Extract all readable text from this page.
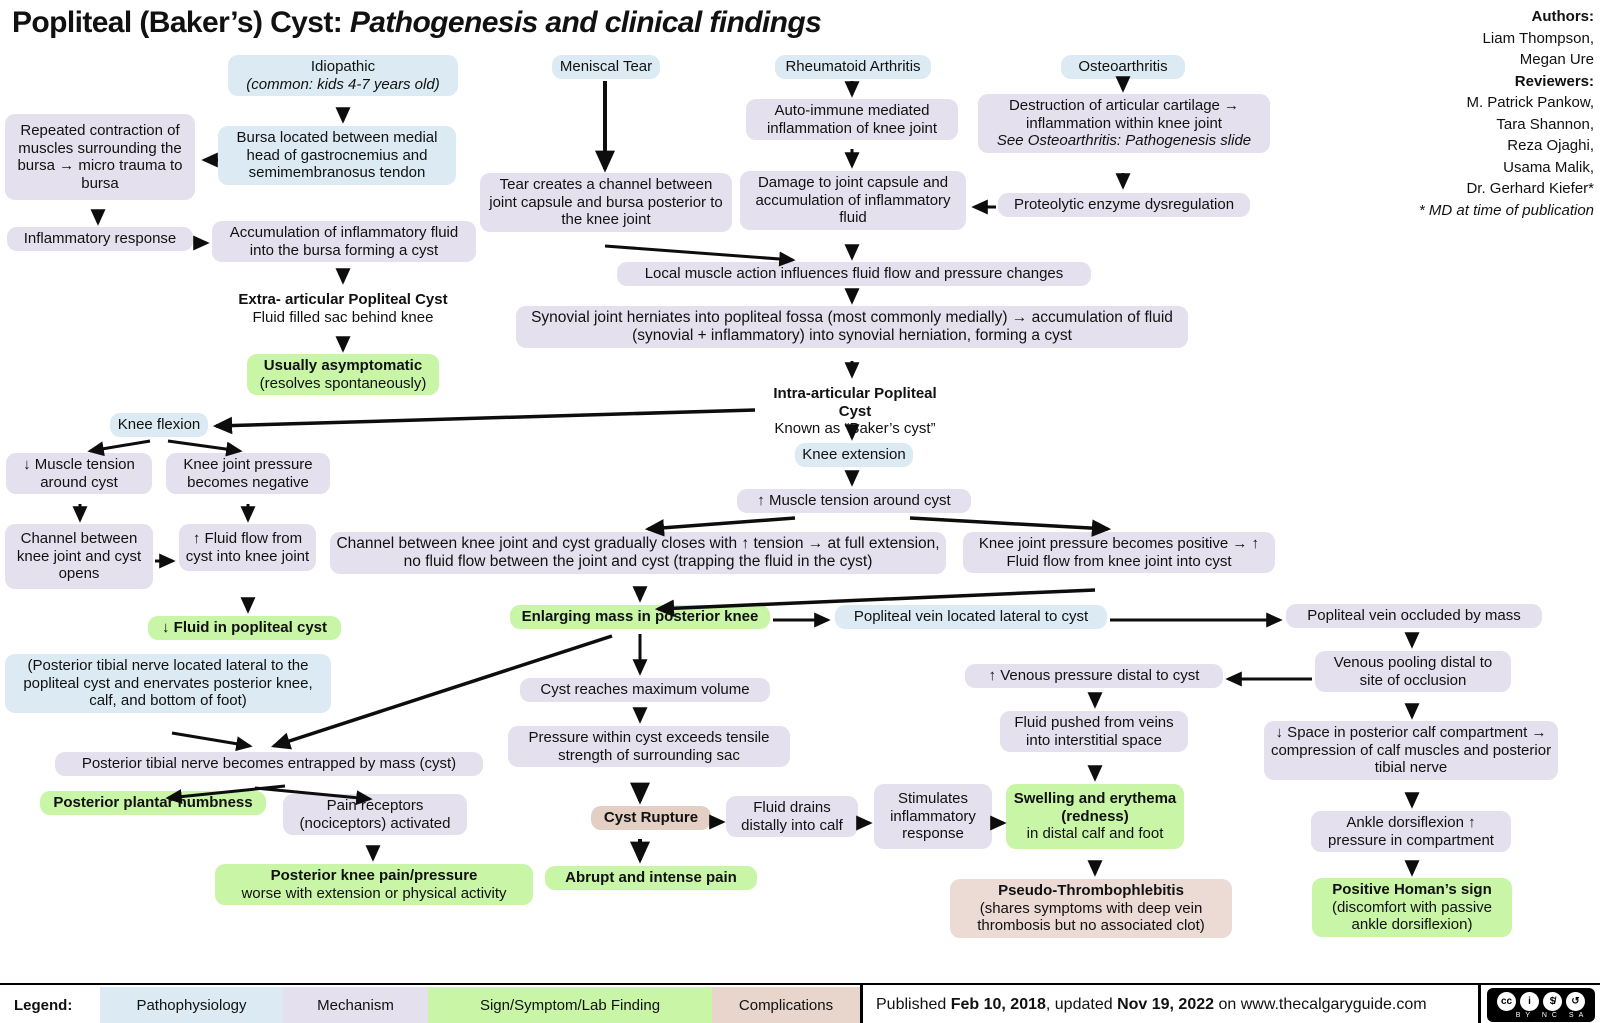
Popliteal (Baker’s) Cyst: Pathogenesis and clinical findings	Authors:
Liam Thompson,
Megan Ure
Reviewers:
M. Patrick Pankow,
Tara Shannon,
Reza Ojaghi,
Usama Malik,
Dr. Gerhard Kiefer*
* MD at time of publication
Idiopathic
(common: kids 4-7 years old)
Bursa located between medial head of gastrocnemius and semimembranosus tendon
Repeated contraction of muscles surrounding the bursa → micro trauma to bursa
Inflammatory response	Accumulation of inflammatory fluid into the bursa forming a cyst
Extra- articular Popliteal Cyst
Fluid filled sac behind knee
Usually asymptomatic
(resolves spontaneously)
Meniscal Tear
Tear creates a channel between joint capsule and bursa posterior to the knee joint
Rheumatoid Arthritis
Auto-immune mediated inflammation of knee joint
Damage to joint capsule and accumulation of inflammatory fluid
Osteoarthritis
Destruction of articular cartilage → inflammation within knee joint
See Osteoarthritis: Pathogenesis slide
Proteolytic enzyme dysregulation
Local muscle action influences fluid flow and pressure changes
Synovial joint herniates into popliteal fossa (most commonly medially) → accumulation of fluid (synovial + inflammatory) into synovial herniation, forming a cyst
Intra-articular Popliteal Cyst
Known as “Baker’s cyst”
Knee extension
↑ Muscle tension around cyst
Knee flexion
↓ Muscle tension around cyst
Knee joint pressure becomes negative
Channel between knee joint and cyst opens
↑ Fluid flow from cyst into knee joint
↓ Fluid in popliteal cyst
Channel between knee joint and cyst gradually closes with ↑ tension → at full extension, no fluid flow between the joint and cyst (trapping the fluid in the cyst)
Knee joint pressure becomes positive → ↑ Fluid flow from knee joint into cyst
Enlarging mass in posterior knee	Popliteal vein located lateral to cyst	Popliteal vein occluded by mass
(Posterior tibial nerve located lateral to the popliteal cyst and enervates posterior knee, calf, and bottom of foot)
Posterior tibial nerve becomes entrapped by mass (cyst)
Posterior plantar numbness	Pain receptors (nociceptors) activated
Posterior knee pain/pressure
worse with extension or physical activity
Cyst reaches maximum volume
Pressure within cyst exceeds tensile strength of surrounding sac
Cyst Rupture
Fluid drains distally into calf
Abrupt and intense pain
Stimulates inflammatory response
Swelling and erythema (redness)
in distal calf and foot
Pseudo-Thrombophlebitis
(shares symptoms with deep vein thrombosis but no associated clot)
↑ Venous pressure distal to cyst
Fluid pushed from veins into interstitial space
Venous pooling distal to site of occlusion
↓ Space in posterior calf compartment → compression of calf muscles and posterior tibial nerve
Ankle dorsiflexion ↑ pressure in compartment
Positive Homan’s sign
(discomfort with passive ankle dorsiflexion)
Legend:	Pathophysiology	Mechanism	Sign/Symptom/Lab Finding	Complications	Published Feb 10, 2018 , updated Nov 19, 2022 on www.thecalgaryguide.com	cc	i	$̸	↺
BY NC SA
